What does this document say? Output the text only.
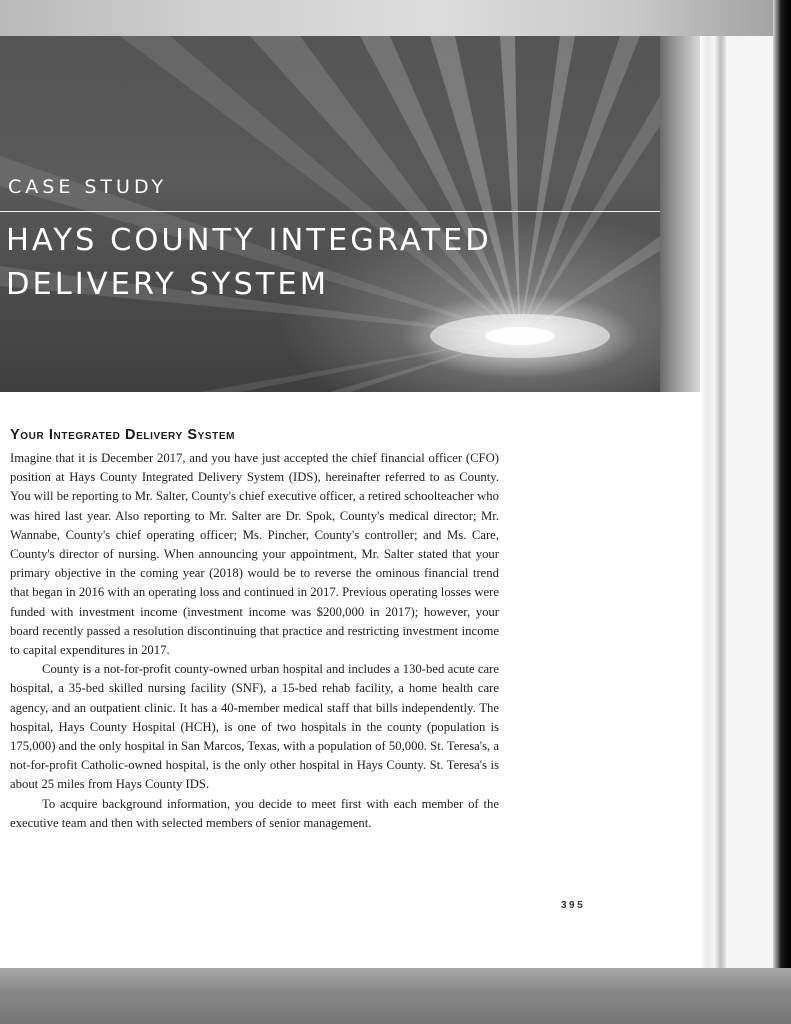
CASE STUDY
HAYS COUNTY INTEGRATED
DELIVERY SYSTEM
Your Integrated Delivery System

Imagine that it is December 2017, and you have just accepted the chief financial officer (CFO) position at Hays County Integrated Delivery System (IDS), hereinafter referred to as County. You will be reporting to Mr. Salter, County's chief executive officer, a retired schoolteacher who was hired last year. Also reporting to Mr. Salter are Dr. Spok, County's medical director; Mr. Wannabe, County's chief operating officer; Ms. Pincher, County's controller; and Ms. Care, County's director of nursing. When announcing your appointment, Mr. Salter stated that your primary objective in the coming year (2018) would be to reverse the ominous financial trend that began in 2016 with an operating loss and continued in 2017. Previous operating losses were funded with investment income (investment income was $200,000 in 2017); however, your board recently passed a resolution discontinuing that practice and restricting investment income to capital expenditures in 2017.

County is a not-for-profit county-owned urban hospital and includes a 130-bed acute care hospital, a 35-bed skilled nursing facility (SNF), a 15-bed rehab facility, a home health care agency, and an outpatient clinic. It has a 40-member medical staff that bills independently. The hospital, Hays County Hospital (HCH), is one of two hospitals in the county (population is 175,000) and the only hospital in San Marcos, Texas, with a population of 50,000. St. Teresa's, a not-for-profit Catholic-owned hospital, is the only other hospital in Hays County. St. Teresa's is about 25 miles from Hays County IDS.

To acquire background information, you decide to meet first with each member of the executive team and then with selected members of senior management.

395
